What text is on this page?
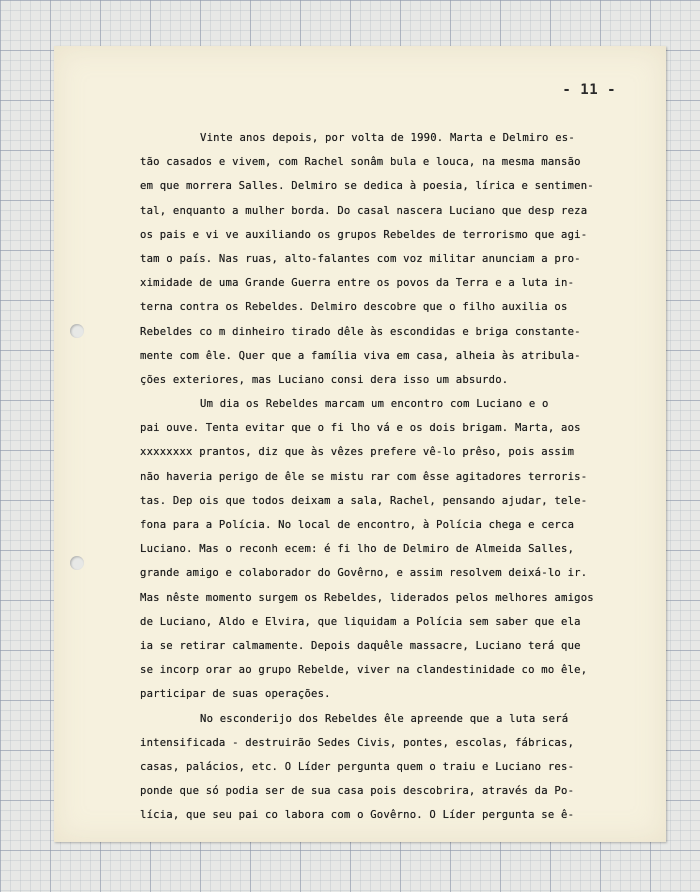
- 11 -
Vinte anos depois, por volta de 1990. Marta e Delmiro es-
tão casados e vivem, com Rachel sonâm bula e louca, na mesma mansão
em que morrera Salles. Delmiro se dedica à poesia, lírica e sentimen-
tal, enquanto a mulher borda. Do casal nascera Luciano que desp reza
os pais e vi ve auxiliando os grupos Rebeldes de terrorismo que agi-
tam o país. Nas ruas, alto-falantes com voz militar anunciam a pro-
ximidade de uma Grande Guerra entre os povos da Terra e a luta in-
terna contra os Rebeldes. Delmiro descobre que o filho auxilia os
Rebeldes co m dinheiro tirado dêle às escondidas e briga constante-
mente com êle. Quer que a família viva em casa, alheia às atribula-
ções exteriores, mas Luciano consi dera isso um absurdo.
Um dia os Rebeldes marcam um encontro com Luciano e o
pai ouve. Tenta evitar que o fi lho vá e os dois brigam. Marta, aos
xxxxxxxx prantos, diz que às vêzes prefere vê-lo prêso, pois assim
não haveria perigo de êle se mistu rar com êsse agitadores terroris-
tas. Dep ois que todos deixam a sala, Rachel, pensando ajudar, tele-
fona para a Polícia. No local de encontro, à Polícia chega e cerca
Luciano. Mas o reconh ecem: é fi lho de Delmiro de Almeida Salles,
grande amigo e colaborador do Govêrno, e assim resolvem deixá-lo ir.
Mas nêste momento surgem os Rebeldes, liderados pelos melhores amigos
de Luciano, Aldo e Elvira, que liquidam a Polícia sem saber que ela
ia se retirar calmamente. Depois daquêle massacre, Luciano terá que
se incorp orar ao grupo Rebelde, viver na clandestinidade co mo êle,
participar de suas operações.
No esconderijo dos Rebeldes êle apreende que a luta será
intensificada - destruirão Sedes Civis, pontes, escolas, fábricas,
casas, palácios, etc. O Líder pergunta quem o traiu e Luciano res-
ponde que só podia ser de sua casa pois descobrira, através da Po-
lícia, que seu pai co labora com o Govêrno. O Líder pergunta se ê-
